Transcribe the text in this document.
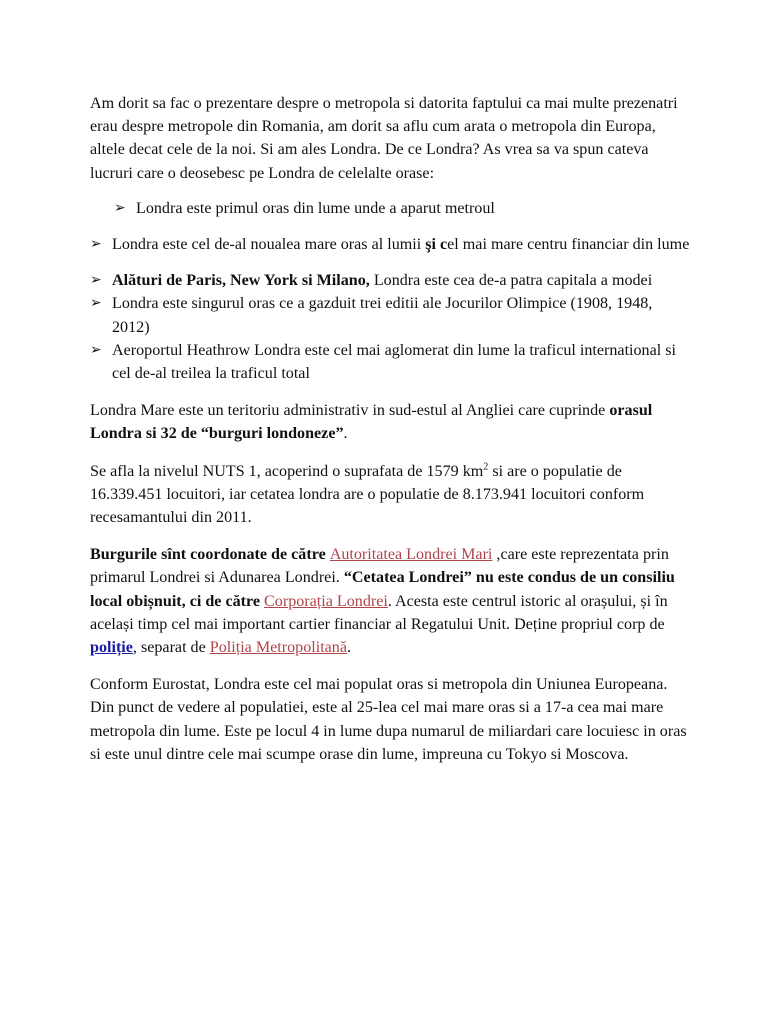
Am dorit sa fac o prezentare despre o metropola si datorita faptului ca mai multe prezenatri erau despre metropole din Romania, am dorit sa aflu cum arata o metropola din Europa, altele decat cele de la noi. Si am ales Londra. De ce Londra? As vrea sa va spun cateva lucruri care o deosebesc pe Londra de celelalte orase:

➢ Londra este primul oras din lume unde a aparut metroul
➢ Londra este cel de-al noualea mare oras al lumii şi cel mai mare centru financiar din lume
➢ Alături de Paris, New York si Milano, Londra este cea de-a patra capitala a modei
➢ Londra este singurul oras ce a gazduit trei editii ale Jocurilor Olimpice (1908, 1948, 2012)
➢ Aeroportul Heathrow Londra este cel mai aglomerat din lume la traficul international si cel de-al treilea la traficul total

Londra Mare este un teritoriu administrativ in sud-estul al Angliei care cuprinde orasul Londra si 32 de “burguri londoneze”.

Se afla la nivelul NUTS 1, acoperind o suprafata de 1579 $km^2$ si are o populatie de 16.339.451 locuitori, iar cetatea londra are o populatie de 8.173.941 locuitori conform recesamantului din 2011.

Burgurile sînt coordonate de către Autoritatea Londrei Mari ,care este reprezentata prin primarul Londrei si Adunarea Londrei. “Cetatea Londrei” nu este condus de un consiliu local obișnuit, ci de către Corporația Londrei. Acesta este centrul istoric al orașului, și în același timp cel mai important cartier financiar al Regatului Unit. Deține propriul corp de poliție, separat de Poliția Metropolitană.

Conform Eurostat, Londra este cel mai populat oras si metropola din Uniunea Europeana. Din punct de vedere al populatiei, este al 25-lea cel mai mare oras si a 17-a cea mai mare metropola din lume. Este pe locul 4 in lume dupa numarul de miliardari care locuiesc in oras si este unul dintre cele mai scumpe orase din lume, impreuna cu Tokyo si Moscova.
